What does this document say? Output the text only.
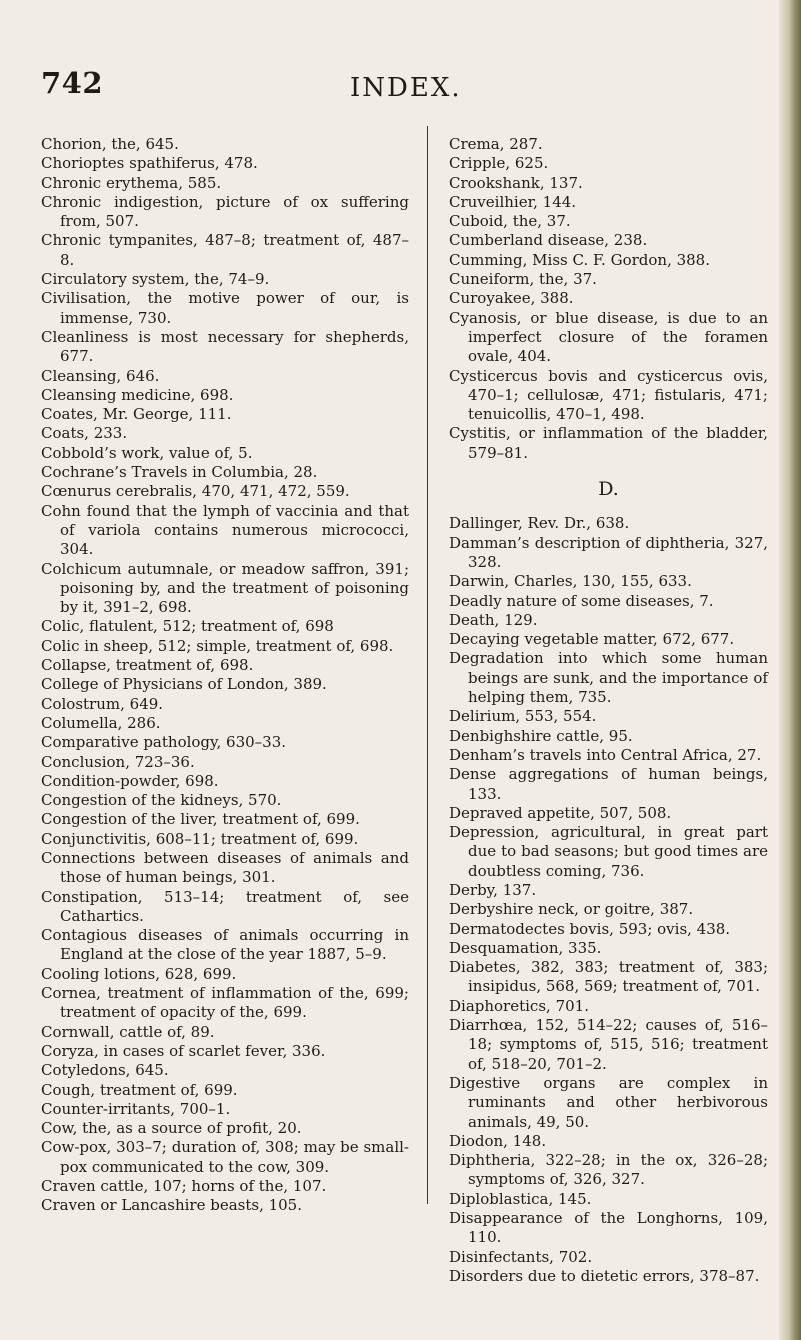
742	INDEX.
Chorion, the, 645.
Chorioptes spathiferus, 478.
Chronic erythema, 585.
Chronic indigestion, picture of ox suffering from, 507.
Chronic tympanites, 487–8; treatment of, 487–8.
Circulatory system, the, 74–9.
Civilisation, the motive power of our, is immense, 730.
Cleanliness is most necessary for shepherds, 677.
Cleansing, 646.
Cleansing medicine, 698.
Coates, Mr. George, 111.
Coats, 233.
Cobbold’s work, value of, 5.
Cochrane’s Travels in Columbia, 28.
Cœnurus cerebralis, 470, 471, 472, 559.
Cohn found that the lymph of vaccinia and that of variola contains numerous micrococci, 304.
Colchicum autumnale, or meadow saffron, 391; poisoning by, and the treatment of poisoning by it, 391–2, 698.
Colic, flatulent, 512; treatment of, 698
Colic in sheep, 512; simple, treatment of, 698.
Collapse, treatment of, 698.
College of Physicians of London, 389.
Colostrum, 649.
Columella, 286.
Comparative pathology, 630–33.
Conclusion, 723–36.
Condition-powder, 698.
Congestion of the kidneys, 570.
Congestion of the liver, treatment of, 699.
Conjunctivitis, 608–11; treatment of, 699.
Connections between diseases of animals and those of human beings, 301.
Constipation, 513–14; treatment of, see Cathartics.
Contagious diseases of animals occurring in England at the close of the year 1887, 5–9.
Cooling lotions, 628, 699.
Cornea, treatment of inflammation of the, 699; treatment of opacity of the, 699.
Cornwall, cattle of, 89.
Coryza, in cases of scarlet fever, 336.
Cotyledons, 645.
Cough, treatment of, 699.
Counter-irritants, 700–1.
Cow, the, as a source of profit, 20.
Cow-pox, 303–7; duration of, 308; may be small-pox communicated to the cow, 309.
Craven cattle, 107; horns of the, 107.
Craven or Lancashire beasts, 105.
Crema, 287.
Cripple, 625.
Crookshank, 137.
Cruveilhier, 144.
Cuboid, the, 37.
Cumberland disease, 238.
Cumming, Miss C. F. Gordon, 388.
Cuneiform, the, 37.
Curoyakee, 388.
Cyanosis, or blue disease, is due to an imperfect closure of the foramen ovale, 404.
Cysticercus bovis and cysticercus ovis, 470–1; cellulosæ, 471; fistularis, 471; tenuicollis, 470–1, 498.
Cystitis, or inflammation of the bladder, 579–81.
D.
Dallinger, Rev. Dr., 638.
Damman’s description of diphtheria, 327, 328.
Darwin, Charles, 130, 155, 633.
Deadly nature of some diseases, 7.
Death, 129.
Decaying vegetable matter, 672, 677.
Degradation into which some human beings are sunk, and the importance of helping them, 735.
Delirium, 553, 554.
Denbighshire cattle, 95.
Denham’s travels into Central Africa, 27.
Dense aggregations of human beings, 133.
Depraved appetite, 507, 508.
Depression, agricultural, in great part due to bad seasons; but good times are doubtless coming, 736.
Derby, 137.
Derbyshire neck, or goitre, 387.
Dermatodectes bovis, 593; ovis, 438.
Desquamation, 335.
Diabetes, 382, 383; treatment of, 383; insipidus, 568, 569; treatment of, 701.
Diaphoretics, 701.
Diarrhœa, 152, 514–22; causes of, 516–18; symptoms of, 515, 516; treatment of, 518–20, 701–2.
Digestive organs are complex in ruminants and other herbivorous animals, 49, 50.
Diodon, 148.
Diphtheria, 322–28; in the ox, 326–28; symptoms of, 326, 327.
Diploblastica, 145.
Disappearance of the Longhorns, 109, 110.
Disinfectants, 702.
Disorders due to dietetic errors, 378–87.
